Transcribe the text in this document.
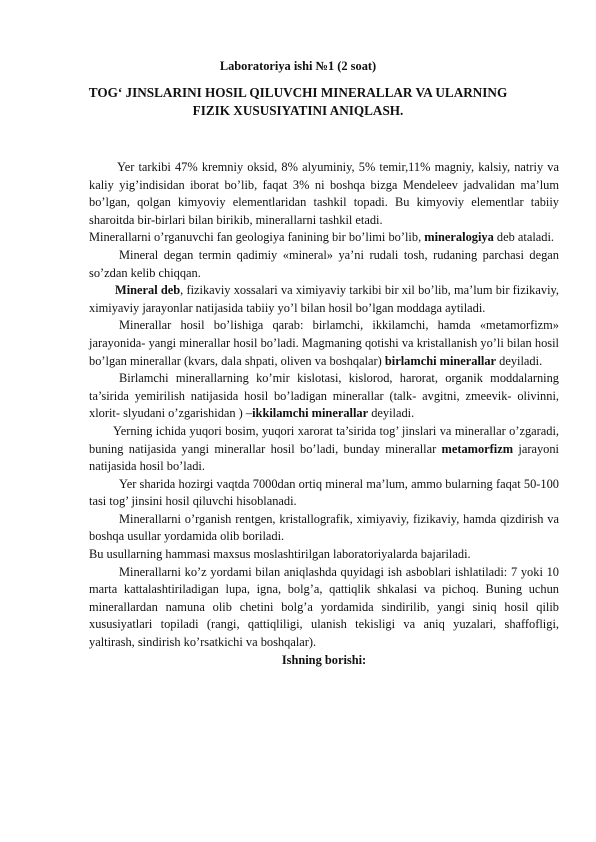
Laboratoriya ishi №1 (2 soat)
TOG‘ JINSLARINI HOSIL QILUVCHI MINERALLAR VA ULARNING
FIZIK XUSUSIYATINI ANIQLASH.

Yer tarkibi 47% kremniy oksid, 8% alyuminiy, 5% temir,11% magniy, kalsiy, natriy va kaliy yig’indisidan iborat bo’lib, faqat 3% ni boshqa bizga Mendeleev jadvalidan ma’lum bo’lgan, qolgan kimyoviy elementlaridan tashkil topadi. Bu kimyoviy elementlar tabiiy sharoitda bir-birlari bilan birikib, minerallarni tashkil etadi.

Minerallarni o’rganuvchi fan geologiya fanining bir bo’limi bo’lib, mineralogiya deb ataladi.

Mineral degan termin qadimiy «mineral» ya’ni rudali tosh, rudaning parchasi degan so’zdan kelib chiqqan.

Mineral deb, fizikaviy xossalari va ximiyaviy tarkibi bir xil bo’lib, ma’lum bir fizikaviy, ximiyaviy jarayonlar natijasida tabiiy yo’l bilan hosil bo’lgan moddaga aytiladi.

Minerallar hosil bo’lishiga qarab: birlamchi, ikkilamchi, hamda «metamorfizm» jarayonida- yangi minerallar hosil bo’ladi. Magmaning qotishi va kristallanish yo’li bilan hosil bo’lgan minerallar (kvars, dala shpati, oliven va boshqalar) birlamchi minerallar deyiladi.

Birlamchi minerallarning ko’mir kislotasi, kislorod, harorat, organik moddalarning ta’sirida yemirilish natijasida hosil bo’ladigan minerallar (talk- avgitni, zmeevik- olivinni, xlorit- slyudani o’zgarishidan ) –ikkilamchi minerallar deyiladi.

Yerning ichida yuqori bosim, yuqori xarorat ta’sirida tog’ jinslari va minerallar o’zgaradi, buning natijasida yangi minerallar hosil bo’ladi, bunday minerallar metamorfizm jarayoni natijasida hosil bo’ladi.

Yer sharida hozirgi vaqtda 7000dan ortiq mineral ma’lum, ammo bularning faqat 50-100 tasi tog’ jinsini hosil qiluvchi hisoblanadi.

Minerallarni o’rganish rentgen, kristallografik, ximiyaviy, fizikaviy, hamda qizdirish va boshqa usullar yordamida olib boriladi.

Bu usullarning hammasi maxsus moslashtirilgan laboratoriyalarda bajariladi.

Minerallarni ko’z yordami bilan aniqlashda quyidagi ish asboblari ishlatiladi: 7 yoki 10 marta kattalashtiriladigan lupa, igna, bolg’a, qattiqlik shkalasi va pichoq. Buning uchun minerallardan namuna olib chetini bolg’a yordamida sindirilib, yangi siniq hosil qilib xususiyatlari topiladi (rangi, qattiqliligi, ulanish tekisligi va aniq yuzalari, shaffofligi, yaltirash, sindirish ko’rsatkichi va boshqalar).

Ishning borishi:
